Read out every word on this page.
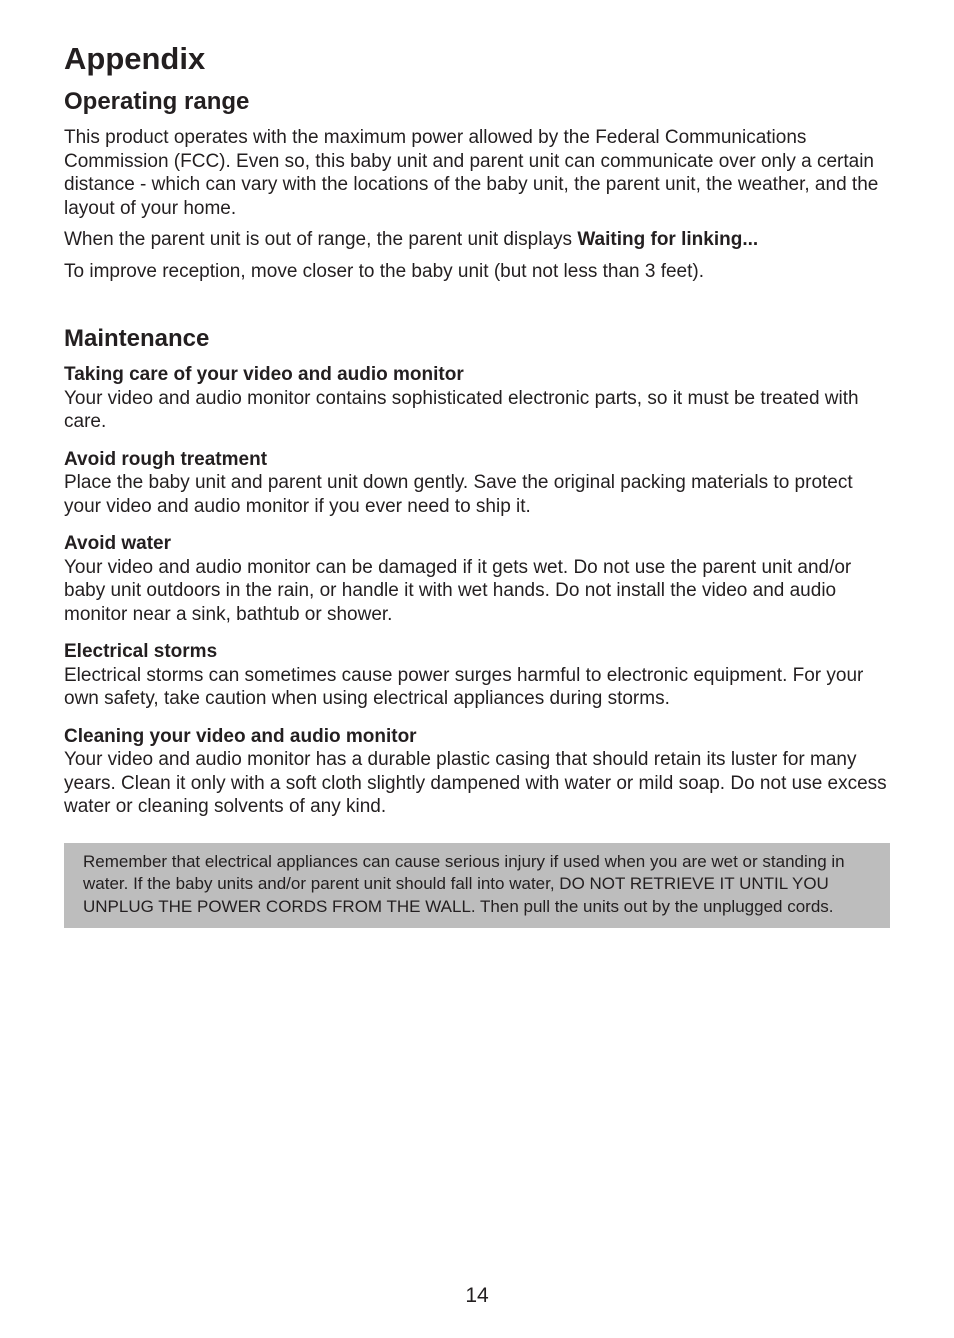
Appendix
Operating range

This product operates with the maximum power allowed by the Federal Communications Commission (FCC). Even so, this baby unit and parent unit can communicate over only a certain distance - which can vary with the locations of the baby unit, the parent unit, the weather, and the layout of your home.

When the parent unit is out of range, the parent unit displays Waiting for linking...

To improve reception, move closer to the baby unit (but not less than 3 feet).

Maintenance
Taking care of your video and audio monitor

Your video and audio monitor contains sophisticated electronic parts, so it must be treated with care.

Avoid rough treatment

Place the baby unit and parent unit down gently. Save the original packing materials to protect your video and audio monitor if you ever need to ship it.

Avoid water

Your video and audio monitor can be damaged if it gets wet. Do not use the parent unit and/or baby unit outdoors in the rain, or handle it with wet hands. Do not install the video and audio monitor near a sink, bathtub or shower.

Electrical storms

Electrical storms can sometimes cause power surges harmful to electronic equipment. For your own safety, take caution when using electrical appliances during storms.

Cleaning your video and audio monitor

Your video and audio monitor has a durable plastic casing that should retain its luster for many years. Clean it only with a soft cloth slightly dampened with water or mild soap. Do not use excess water or cleaning solvents of any kind.

Remember that electrical appliances can cause serious injury if used when you are wet or standing in water. If the baby units and/or parent unit should fall into water, DO NOT RETRIEVE IT UNTIL YOU UNPLUG THE POWER CORDS FROM THE WALL. Then pull the units out by the unplugged cords.

14
